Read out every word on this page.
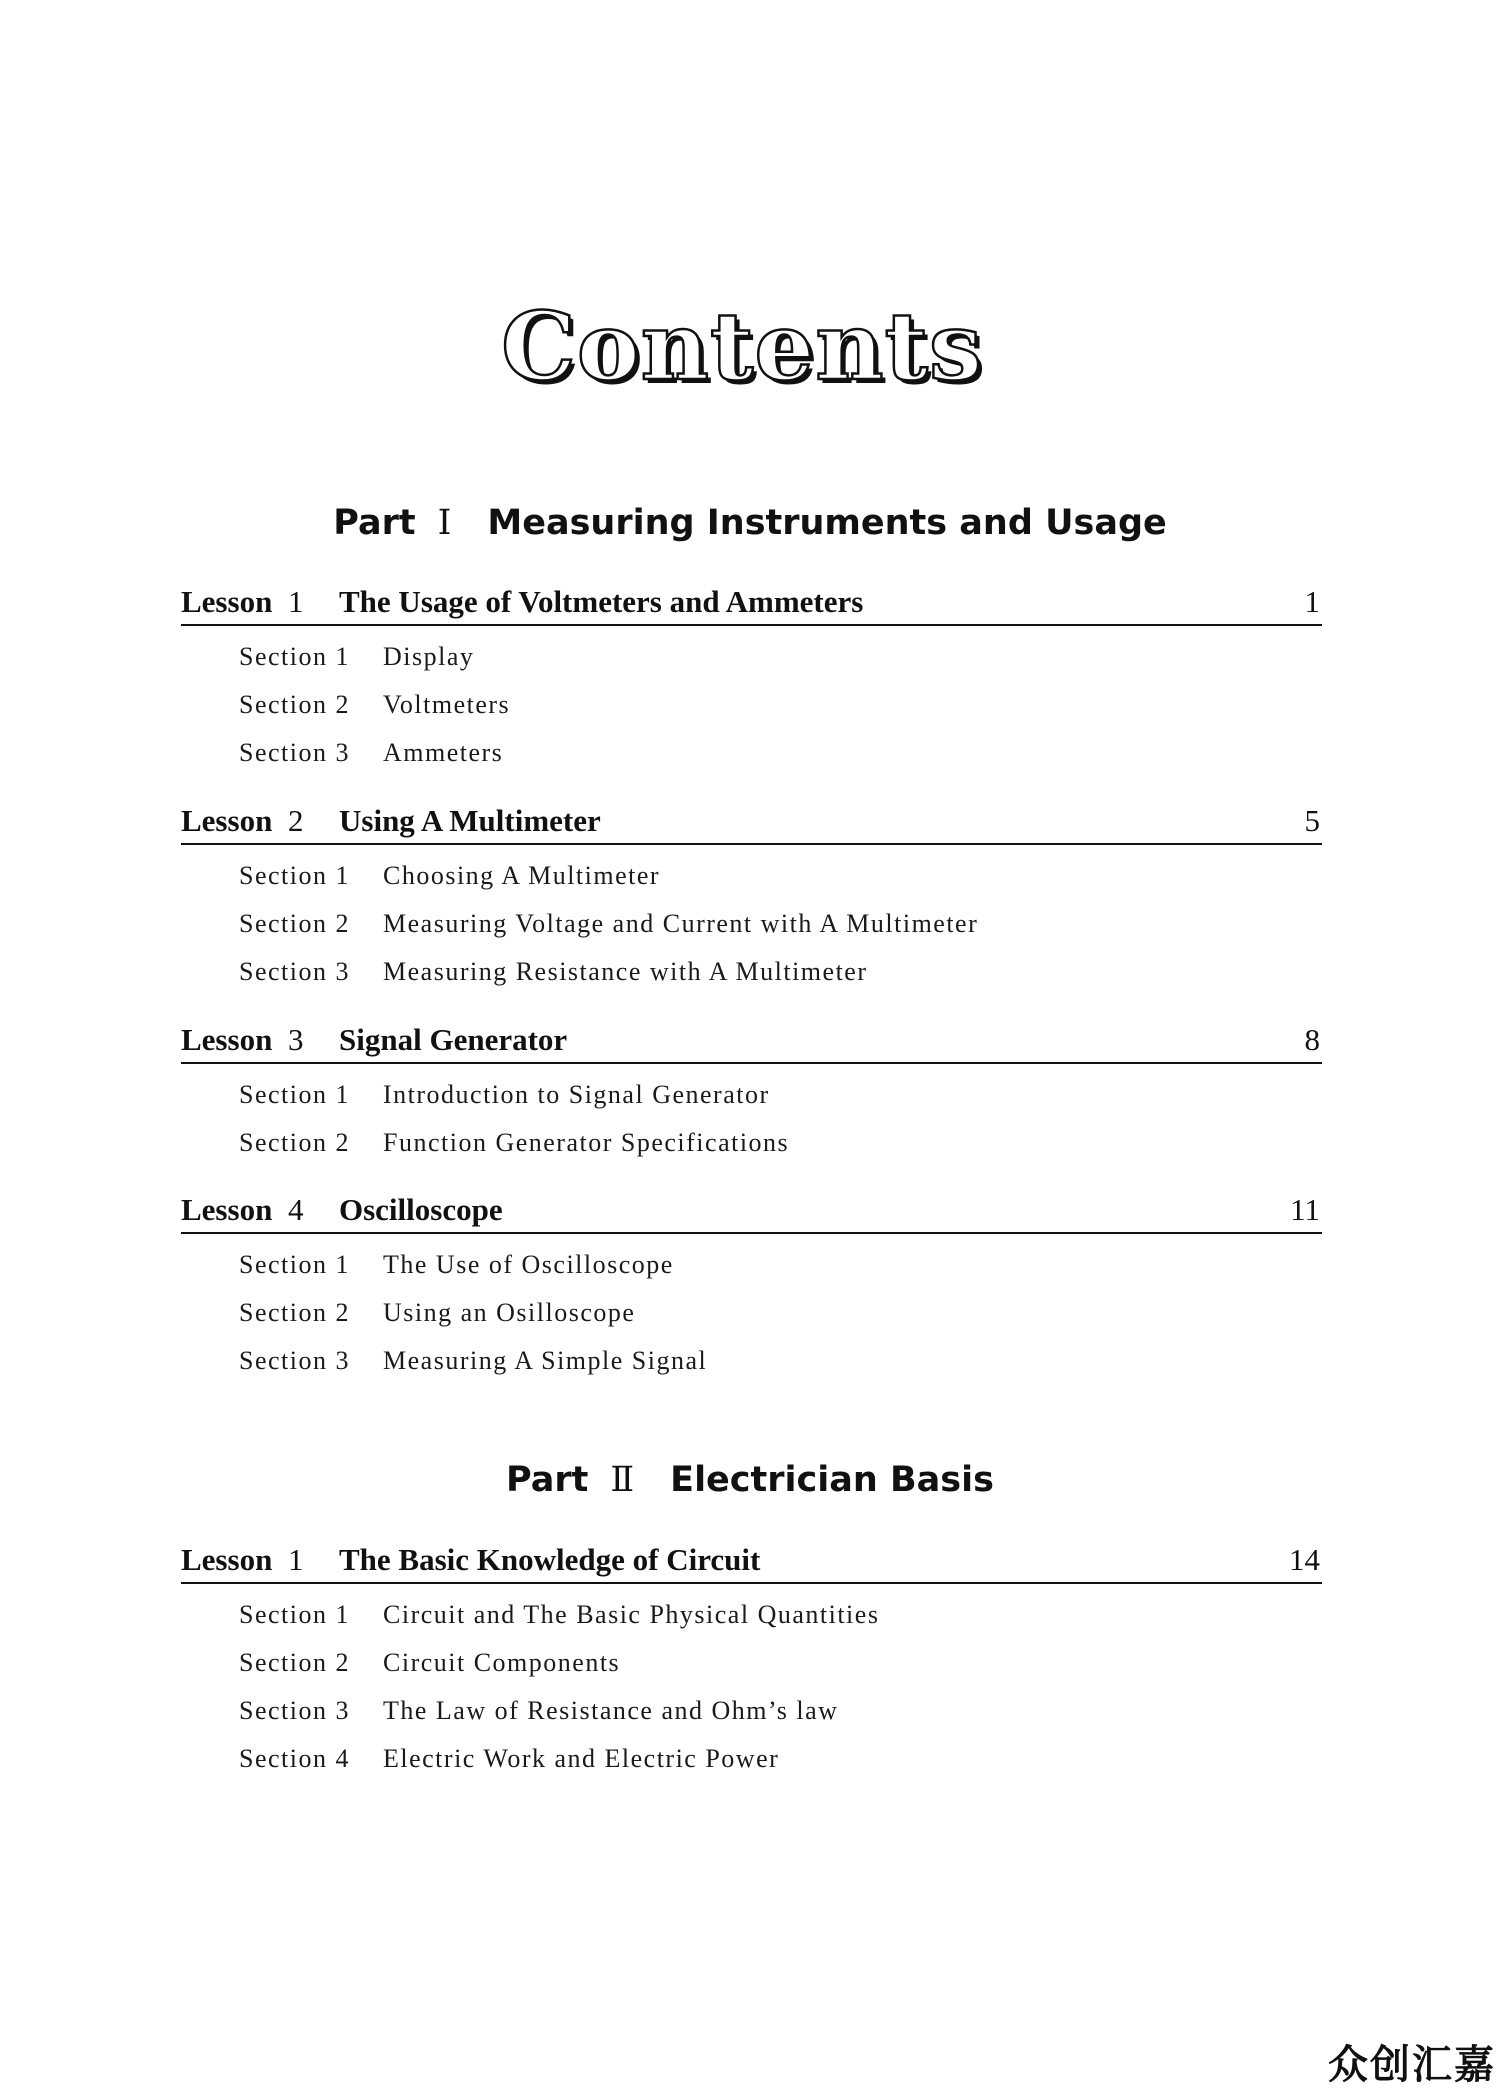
Contents
Part Ⅰ Measuring Instruments and Usage
Lesson 1 The Usage of Voltmeters and Ammeters	1
Section 1 Display
Section 2 Voltmeters
Section 3 Ammeters
Lesson 2 Using A Multimeter	5
Section 1 Choosing A Multimeter
Section 2 Measuring Voltage and Current with A Multimeter
Section 3 Measuring Resistance with A Multimeter
Lesson 3 Signal Generator	8
Section 1 Introduction to Signal Generator
Section 2 Function Generator Specifications
Lesson 4 Oscilloscope	11
Section 1 The Use of Oscilloscope
Section 2 Using an Osilloscope
Section 3 Measuring A Simple Signal
Part Ⅱ Electrician Basis
Lesson 1 The Basic Knowledge of Circuit	14
Section 1 Circuit and The Basic Physical Quantities
Section 2 Circuit Components
Section 3 The Law of Resistance and Ohm’s law
Section 4 Electric Work and Electric Power
众创汇嘉
